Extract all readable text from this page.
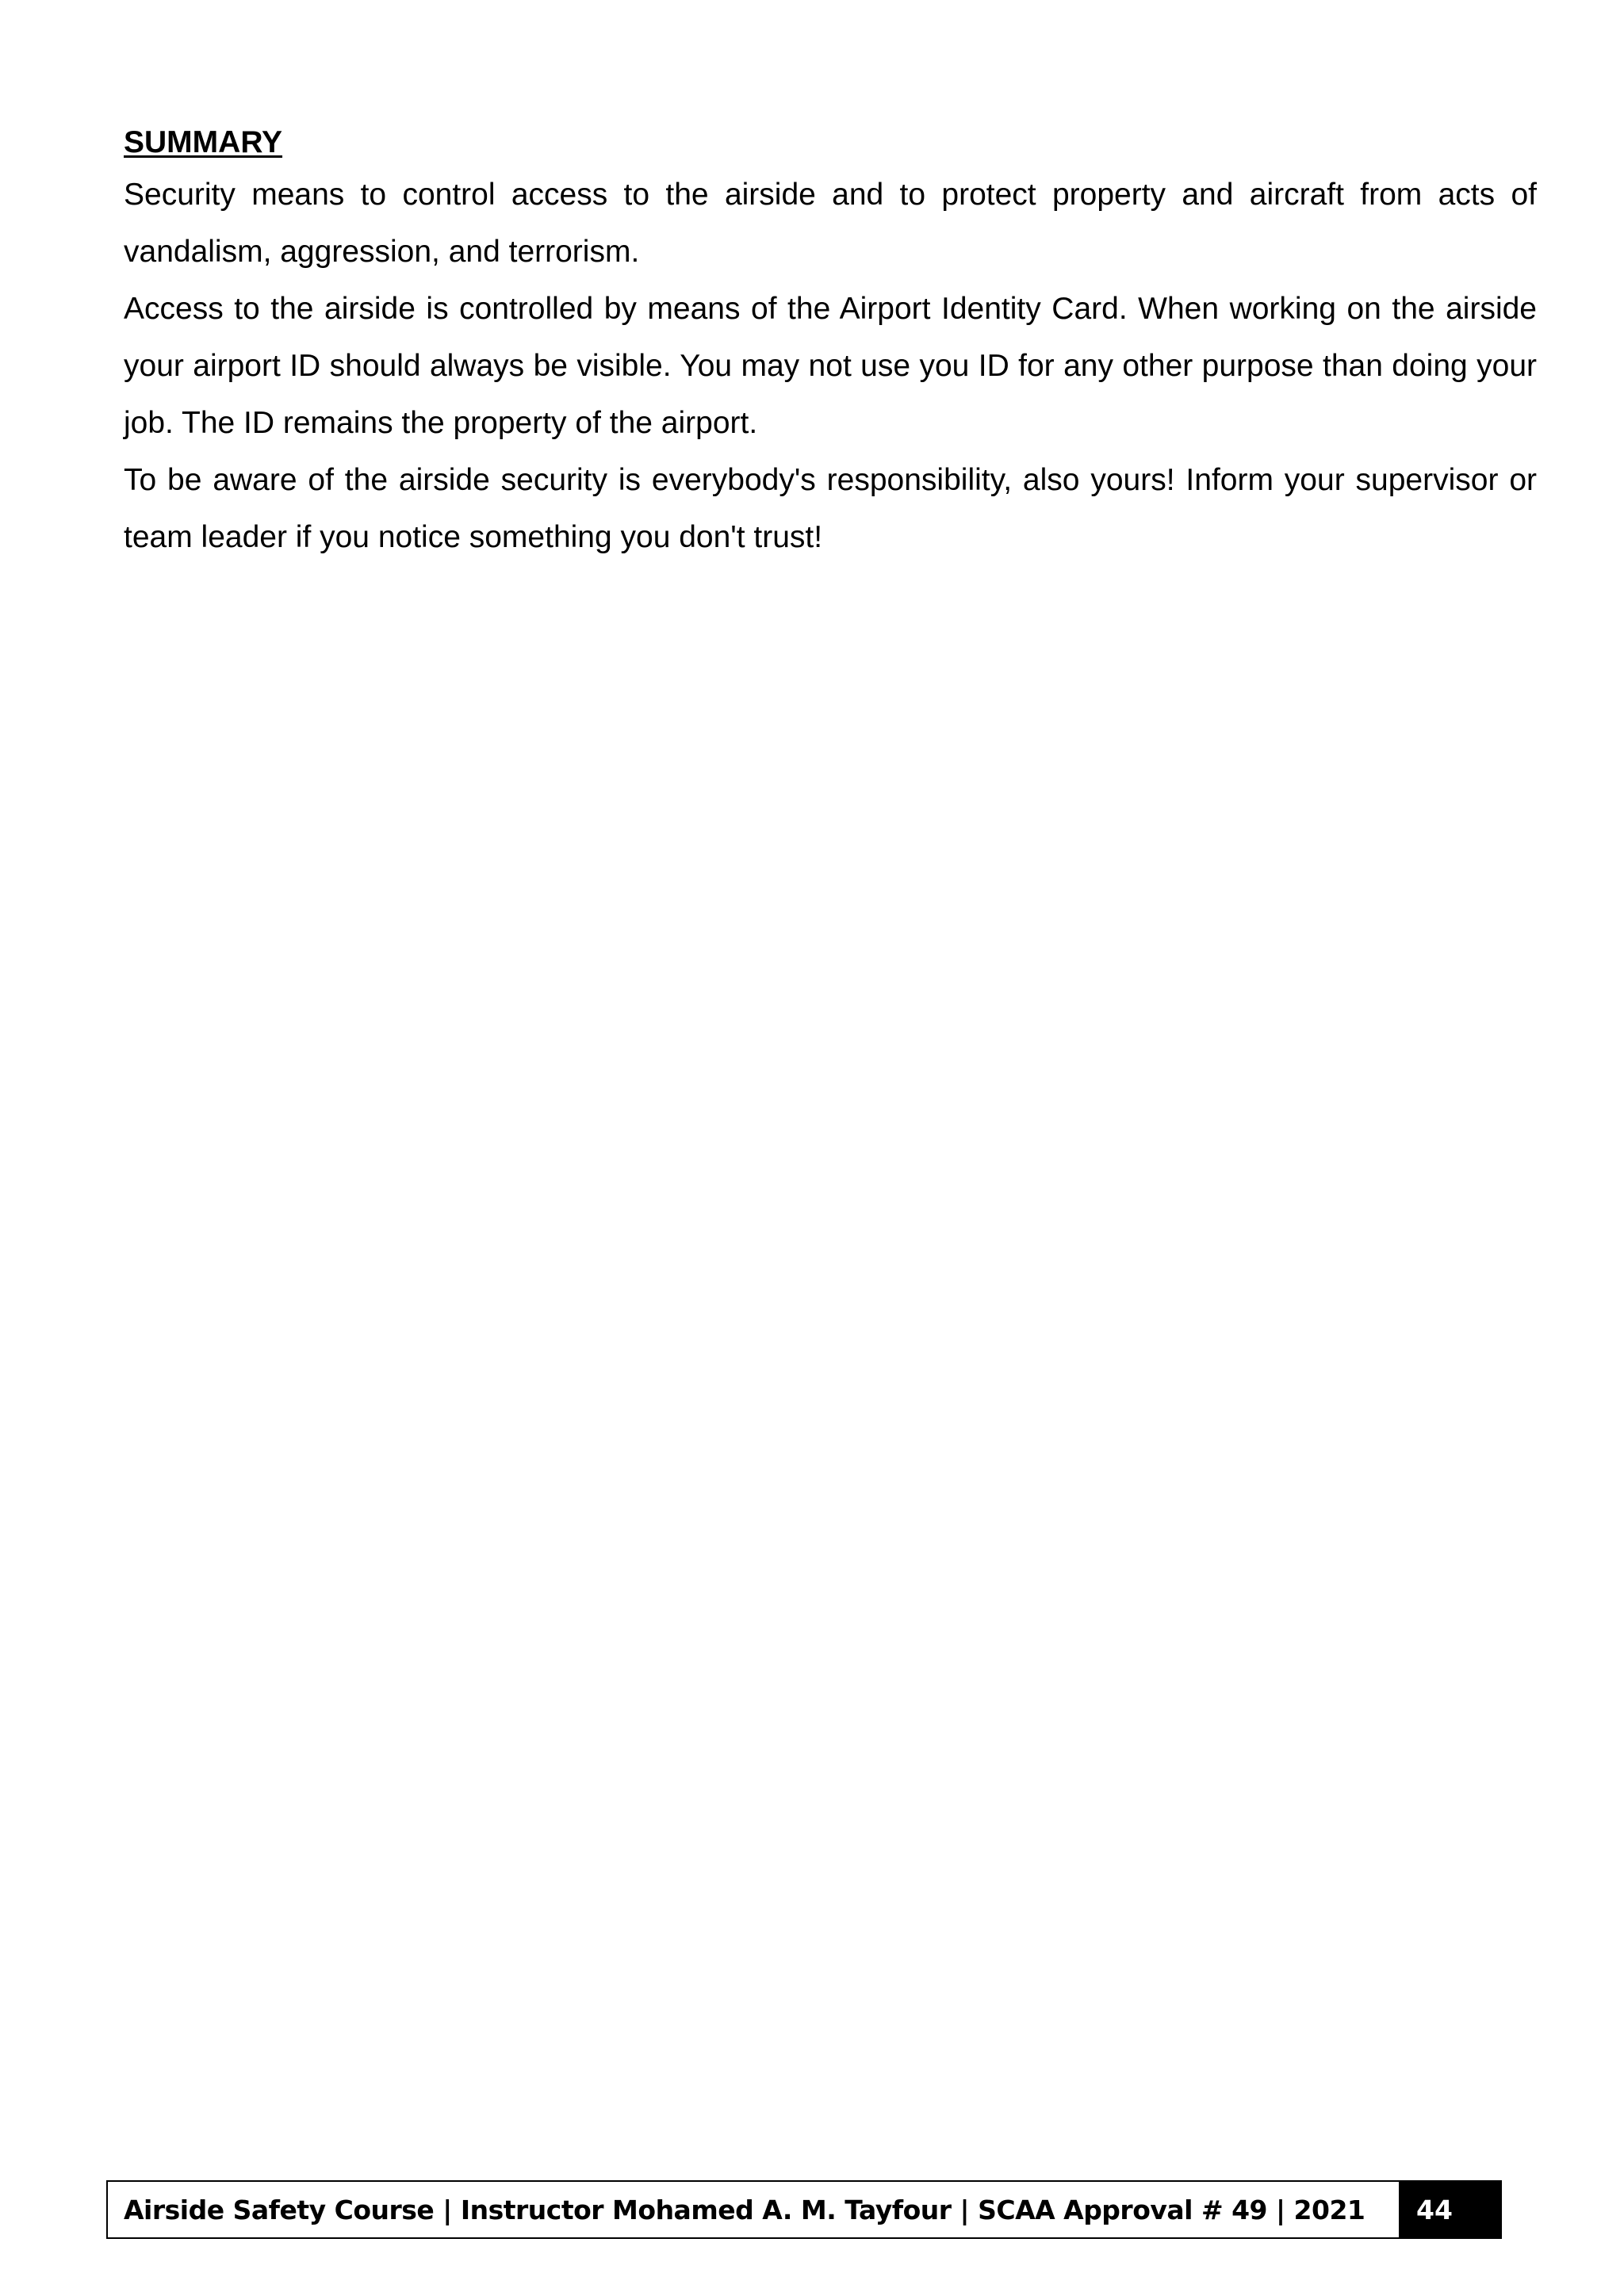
SUMMARY

Security means to control access to the airside and to protect property and aircraft from acts of vandalism, aggression, and terrorism.

Access to the airside is controlled by means of the Airport Identity Card. When working on the airside your airport ID should always be visible. You may not use you ID for any other purpose than doing your job. The ID remains the property of the airport.

To be aware of the airside security is everybody's responsibility, also yours! Inform your supervisor or team leader if you notice something you don't trust!

Airside Safety Course | Instructor Mohamed A. M. Tayfour | SCAA Approval # 49 | 2021	44
